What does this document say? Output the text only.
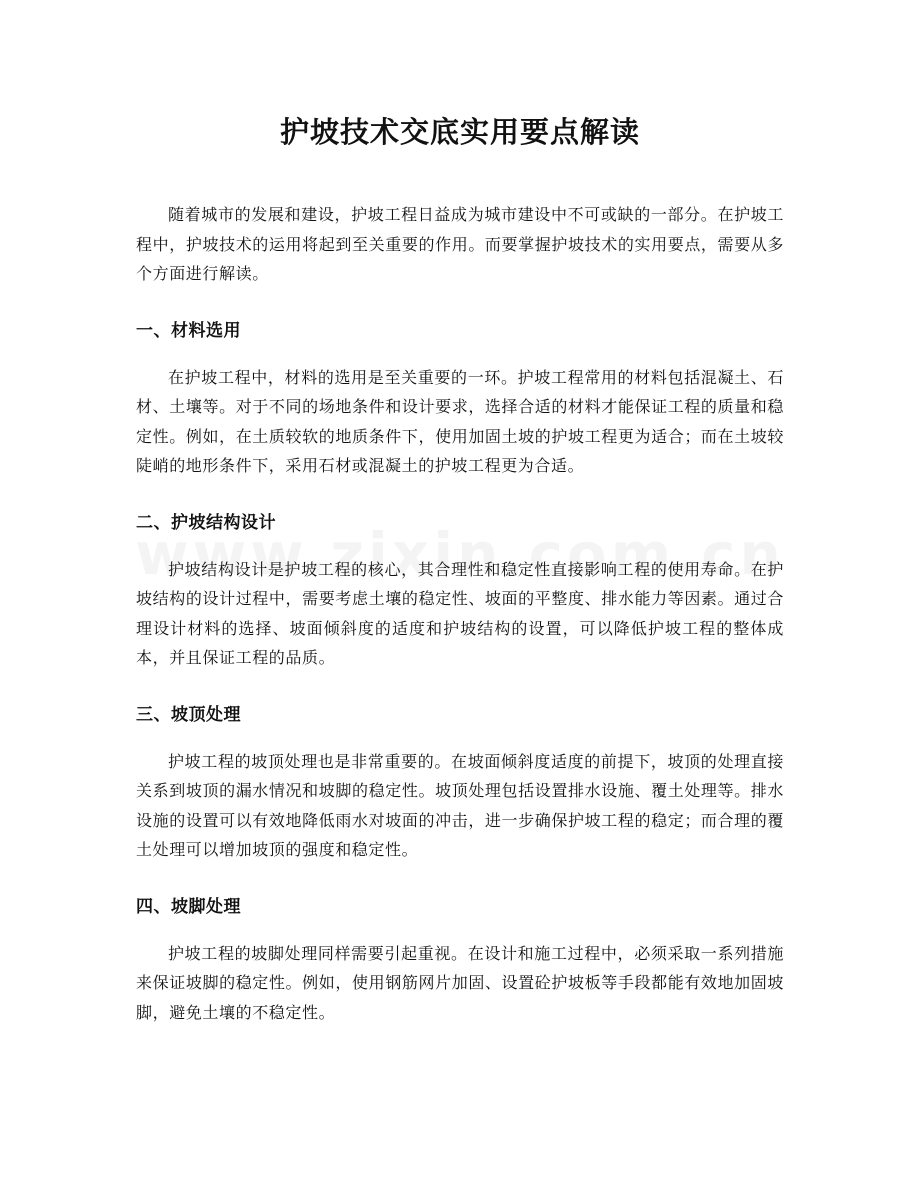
护坡技术交底实用要点解读

随着城市的发展和建设，护坡工程日益成为城市建设中不可或缺的一部分。在护坡工程中，护坡技术的运用将起到至关重要的作用。而要掌握护坡技术的实用要点，需要从多个方面进行解读。

一、材料选用

在护坡工程中，材料的选用是至关重要的一环。护坡工程常用的材料包括混凝土、石材、土壤等。对于不同的场地条件和设计要求，选择合适的材料才能保证工程的质量和稳定性。例如，在土质较软的地质条件下，使用加固土坡的护坡工程更为适合；而在土坡较陡峭的地形条件下，采用石材或混凝土的护坡工程更为合适。

二、护坡结构设计

护坡结构设计是护坡工程的核心，其合理性和稳定性直接影响工程的使用寿命。在护坡结构的设计过程中，需要考虑土壤的稳定性、坡面的平整度、排水能力等因素。通过合理设计材料的选择、坡面倾斜度的适度和护坡结构的设置，可以降低护坡工程的整体成本，并且保证工程的品质。

三、坡顶处理

护坡工程的坡顶处理也是非常重要的。在坡面倾斜度适度的前提下，坡顶的处理直接关系到坡顶的漏水情况和坡脚的稳定性。坡顶处理包括设置排水设施、覆土处理等。排水设施的设置可以有效地降低雨水对坡面的冲击，进一步确保护坡工程的稳定；而合理的覆土处理可以增加坡顶的强度和稳定性。

四、坡脚处理

护坡工程的坡脚处理同样需要引起重视。在设计和施工过程中，必须采取一系列措施来保证坡脚的稳定性。例如，使用钢筋网片加固、设置砼护坡板等手段都能有效地加固坡脚，避免土壤的不稳定性。
